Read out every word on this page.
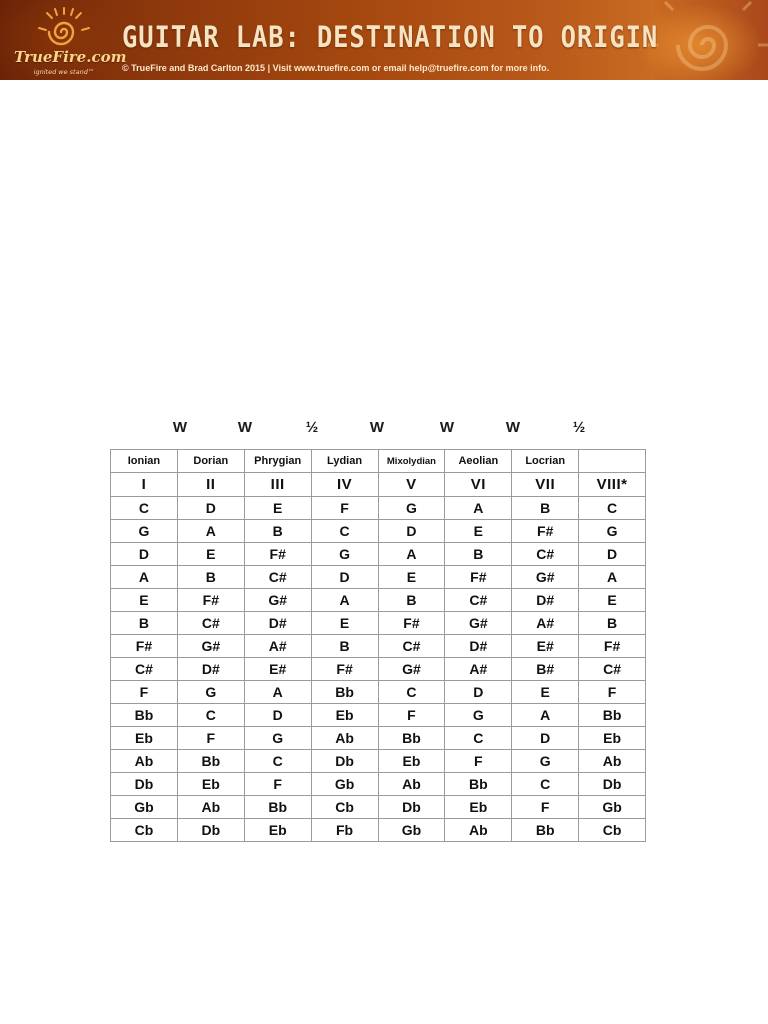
TrueFire.com
ignited we stand™
GUITAR LAB: DESTINATION TO ORIGIN
© TrueFire and Brad Carlton 2015 | Visit www.truefire.com or email help@truefire.com for more info.
W	W	½	W	W	W	½
Ionian	Dorian	Phrygian	Lydian	Mixolydian	Aeolian	Locrian	
I	II	III	IV	V	VI	VII	VIII*
C	D	E	F	G	A	B	C
G	A	B	C	D	E	F#	G
D	E	F#	G	A	B	C#	D
A	B	C#	D	E	F#	G#	A
E	F#	G#	A	B	C#	D#	E
B	C#	D#	E	F#	G#	A#	B
F#	G#	A#	B	C#	D#	E#	F#
C#	D#	E#	F#	G#	A#	B#	C#
F	G	A	Bb	C	D	E	F
Bb	C	D	Eb	F	G	A	Bb
Eb	F	G	Ab	Bb	C	D	Eb
Ab	Bb	C	Db	Eb	F	G	Ab
Db	Eb	F	Gb	Ab	Bb	C	Db
Gb	Ab	Bb	Cb	Db	Eb	F	Gb
Cb	Db	Eb	Fb	Gb	Ab	Bb	Cb
